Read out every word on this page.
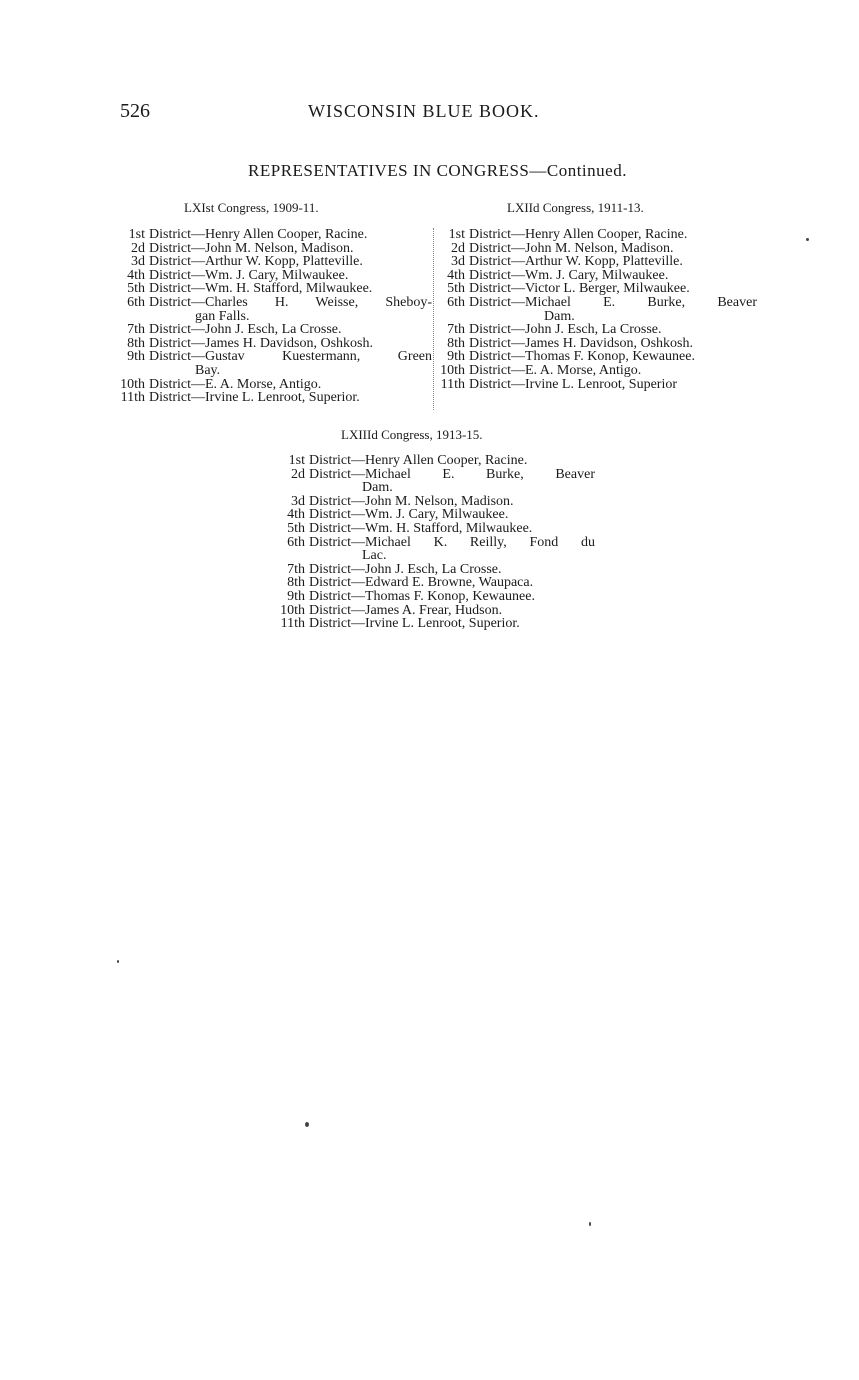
526	WISCONSIN BLUE BOOK.
REPRESENTATIVES IN CONGRESS—Continued.
LXIst Congress, 1909-11.	LXIId Congress, 1911-13.
LXIIId Congress, 1913-15.
1st District—Henry Allen Cooper, Racine.
2d District—John M. Nelson, Madison.
3d District—Arthur W. Kopp, Platteville.
4th District—Wm. J. Cary, Milwaukee.
5th District—Wm. H. Stafford, Milwaukee.
6th District—Charles H. Weisse, Sheboy-
gan Falls.
7th District—John J. Esch, La Crosse.
8th District—James H. Davidson, Oshkosh.
9th District—Gustav Kuestermann, Green
Bay.
10th District—E. A. Morse, Antigo.
11th District—Irvine L. Lenroot, Superior.
1st District—Henry Allen Cooper, Racine.
2d District—John M. Nelson, Madison.
3d District—Arthur W. Kopp, Platteville.
4th District—Wm. J. Cary, Milwaukee.
5th District—Victor L. Berger, Milwaukee.
6th District—Michael E. Burke, Beaver
Dam.
7th District—John J. Esch, La Crosse.
8th District—James H. Davidson, Oshkosh.
9th District—Thomas F. Konop, Kewaunee.
10th District—E. A. Morse, Antigo.
11th District—Irvine L. Lenroot, Superior
1st District—Henry Allen Cooper, Racine.
2d District—Michael E. Burke, Beaver
Dam.
3d District—John M. Nelson, Madison.
4th District—Wm. J. Cary, Milwaukee.
5th District—Wm. H. Stafford, Milwaukee.
6th District—Michael K. Reilly, Fond du
Lac.
7th District—John J. Esch, La Crosse.
8th District—Edward E. Browne, Waupaca.
9th District—Thomas F. Konop, Kewaunee.
10th District—James A. Frear, Hudson.
11th District—Irvine L. Lenroot, Superior.
